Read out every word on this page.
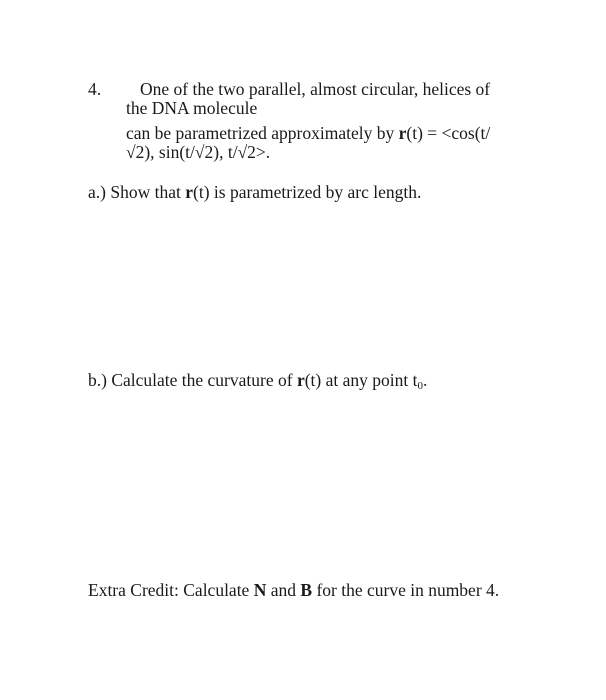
4. One of the two parallel, almost circular, helices of
the DNA molecule
can be parametrized approximately by r(t) = <cos(t/
√2), sin(t/√2), t/√2>.
a.) Show that r(t) is parametrized by arc length.
b.) Calculate the curvature of r(t) at any point $t_0$.
Extra Credit: Calculate N and B for the curve in number 4.
